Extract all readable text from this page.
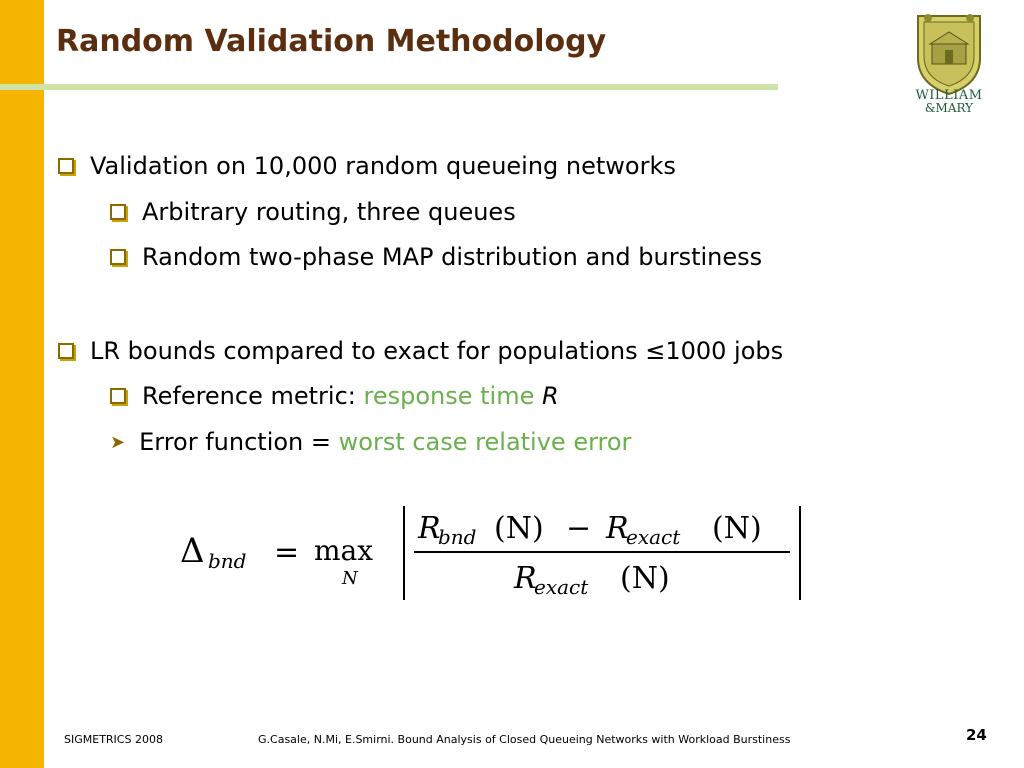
Random Validation Methodology
WILLIAM
&MARY
Validation on 10,000 random queueing networks
Arbitrary routing, three queues
Random two-phase MAP distribution and burstiness
LR bounds compared to exact for populations ≤1000 jobs
Reference metric: response time
R
➤ Error function = worst case relative error
Δ bnd = max
N
R
bnd (N) − R
exact (N)
R
exact (N)
SIGMETRICS 2008	G.Casale, N.Mi, E.Smirni. Bound Analysis of Closed Queueing Networks with Workload Burstiness	24
